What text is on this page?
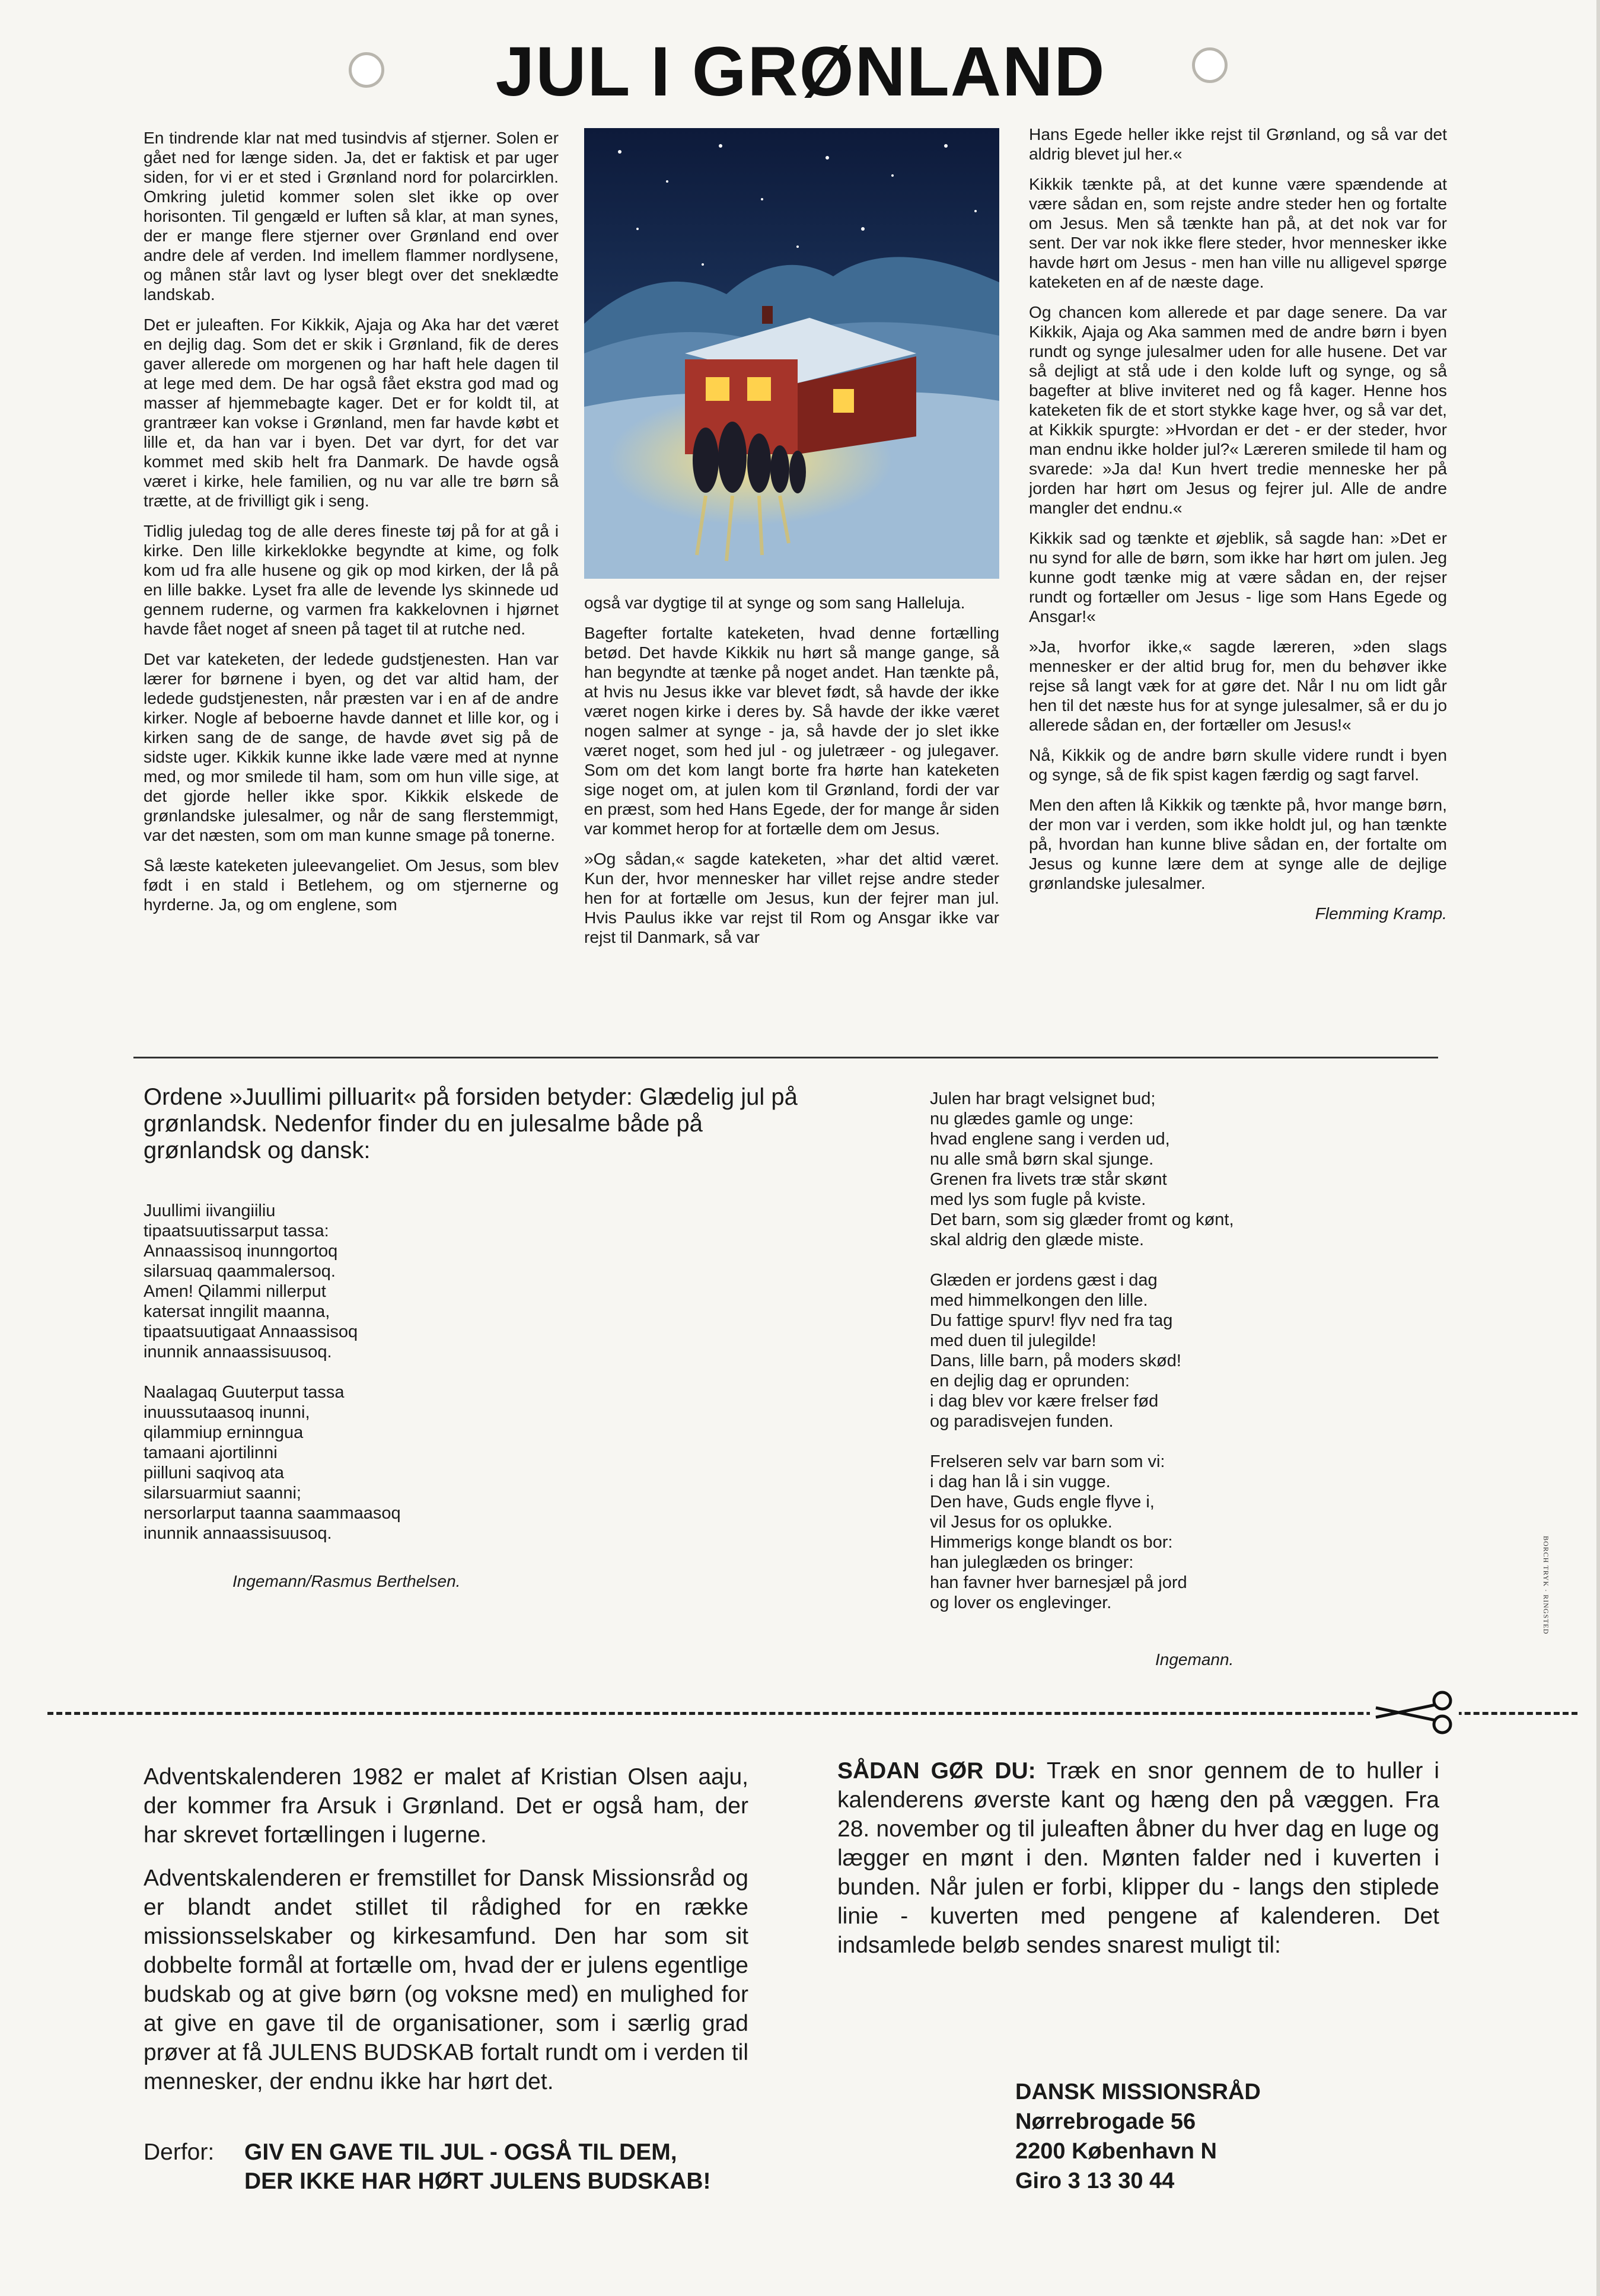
JUL I GRØNLAND

En tindrende klar nat med tusindvis af stjerner. Solen er gået ned for længe siden. Ja, det er faktisk et par uger siden, for vi er et sted i Grønland nord for polarcirklen. Omkring juletid kommer solen slet ikke op over horisonten. Til gengæld er luften så klar, at man synes, der er mange flere stjerner over Grønland end over andre dele af verden. Ind imellem flammer nordlysene, og månen står lavt og lyser blegt over det sneklædte landskab.

Det er juleaften. For Kikkik, Ajaja og Aka har det været en dejlig dag. Som det er skik i Grønland, fik de deres gaver allerede om morgenen og har haft hele dagen til at lege med dem. De har også fået ekstra god mad og masser af hjemmebagte kager. Det er for koldt til, at grantræer kan vokse i Grønland, men far havde købt et lille et, da han var i byen. Det var dyrt, for det var kommet med skib helt fra Danmark. De havde også været i kirke, hele familien, og nu var alle tre børn så trætte, at de frivilligt gik i seng.

Tidlig juledag tog de alle deres fineste tøj på for at gå i kirke. Den lille kirkeklokke begyndte at kime, og folk kom ud fra alle husene og gik op mod kirken, der lå på en lille bakke. Lyset fra alle de levende lys skinnede ud gennem ruderne, og varmen fra kakkelovnen i hjørnet havde fået noget af sneen på taget til at rutche ned.

Det var kateketen, der ledede gudstjenesten. Han var lærer for børnene i byen, og det var altid ham, der ledede gudstjenesten, når præsten var i en af de andre kirker. Nogle af beboerne havde dannet et lille kor, og i kirken sang de de sange, de havde øvet sig på de sidste uger. Kikkik kunne ikke lade være med at nynne med, og mor smilede til ham, som om hun ville sige, at det gjorde heller ikke spor. Kikkik elskede de grønlandske julesalmer, og når de sang flerstemmigt, var det næsten, som om man kunne smage på tonerne.

Så læste kateketen juleevangeliet. Om Jesus, som blev født i en stald i Betlehem, og om stjernerne og hyrderne. Ja, og om englene, som

også var dygtige til at synge og som sang Halleluja.

Bagefter fortalte kateketen, hvad denne fortælling betød. Det havde Kikkik nu hørt så mange gange, så han begyndte at tænke på noget andet. Han tænkte på, at hvis nu Jesus ikke var blevet født, så havde der ikke været nogen kirke i deres by. Så havde der ikke været nogen salmer at synge - ja, så havde der jo slet ikke været noget, som hed jul - og juletræer - og julegaver. Som om det kom langt borte fra hørte han kateketen sige noget om, at julen kom til Grønland, fordi der var en præst, som hed Hans Egede, der for mange år siden var kommet herop for at fortælle dem om Jesus.

»Og sådan,« sagde kateketen, »har det altid været. Kun der, hvor mennesker har villet rejse andre steder hen for at fortælle om Jesus, kun der fejrer man jul. Hvis Paulus ikke var rejst til Rom og Ansgar ikke var rejst til Danmark, så var

Hans Egede heller ikke rejst til Grønland, og så var det aldrig blevet jul her.«

Kikkik tænkte på, at det kunne være spændende at være sådan en, som rejste andre steder hen og fortalte om Jesus. Men så tænkte han på, at det nok var for sent. Der var nok ikke flere steder, hvor mennesker ikke havde hørt om Jesus - men han ville nu alligevel spørge kateketen en af de næste dage.

Og chancen kom allerede et par dage senere. Da var Kikkik, Ajaja og Aka sammen med de andre børn i byen rundt og synge julesalmer uden for alle husene. Det var så dejligt at stå ude i den kolde luft og synge, og så bagefter at blive inviteret ned og få kager. Henne hos kateketen fik de et stort stykke kage hver, og så var det, at Kikkik spurgte: »Hvordan er det - er der steder, hvor man endnu ikke holder jul?« Læreren smilede til ham og svarede: »Ja da! Kun hvert tredie menneske her på jorden har hørt om Jesus og fejrer jul. Alle de andre mangler det endnu.«

Kikkik sad og tænkte et øjeblik, så sagde han: »Det er nu synd for alle de børn, som ikke har hørt om julen. Jeg kunne godt tænke mig at være sådan en, der rejser rundt og fortæller om Jesus - lige som Hans Egede og Ansgar!«

»Ja, hvorfor ikke,« sagde læreren, »den slags mennesker er der altid brug for, men du behøver ikke rejse så langt væk for at gøre det. Når I nu om lidt går hen til det næste hus for at synge julesalmer, så er du jo allerede sådan en, der fortæller om Jesus!«

Nå, Kikkik og de andre børn skulle videre rundt i byen og synge, så de fik spist kagen færdig og sagt farvel.

Men den aften lå Kikkik og tænkte på, hvor mange børn, der mon var i verden, som ikke holdt jul, og han tænkte på, hvordan han kunne blive sådan en, der fortalte om Jesus og kunne lære dem at synge alle de dejlige grønlandske julesalmer.

Flemming Kramp.
Ordene »Juullimi pilluarit« på forsiden betyder: Glædelig jul på grønlandsk. Nedenfor finder du en julesalme både på grønlandsk og dansk:
Juullimi iivangiiliu
tipaatsuutissarput tassa:
Annaassisoq inunngortoq
silarsuaq qaammalersoq.
Amen! Qilammi nillerput
katersat inngilit maanna,
tipaatsuutigaat Annaassisoq
inunnik annaassisuusoq.
Naalagaq Guuterput tassa
inuussutaasoq inunni,
qilammiup erninngua
tamaani ajortilinni
piilluni saqivoq ata
silarsuarmiut saanni;
nersorlarput taanna saammaasoq
inunnik annaassisuusoq.
Ingemann/Rasmus Berthelsen.
Julen har bragt velsignet bud;
nu glædes gamle og unge:
hvad englene sang i verden ud,
nu alle små børn skal sjunge.
Grenen fra livets træ står skønt
med lys som fugle på kviste.
Det barn, som sig glæder fromt og kønt,
skal aldrig den glæde miste.
Glæden er jordens gæst i dag
med himmelkongen den lille.
Du fattige spurv! flyv ned fra tag
med duen til julegilde!
Dans, lille barn, på moders skød!
en dejlig dag er oprunden:
i dag blev vor kære frelser fød
og paradisvejen funden.
Frelseren selv var barn som vi:
i dag han lå i sin vugge.
Den have, Guds engle flyve i,
vil Jesus for os oplukke.
Himmerigs konge blandt os bor:
han juleglæden os bringer:
han favner hver barnesjæl på jord
og lover os englevinger.
Ingemann.
BORCH TRYK · RINGSTED

Adventskalenderen 1982 er malet af Kristian Olsen aaju, der kommer fra Arsuk i Grønland. Det er også ham, der har skrevet fortællingen i lugerne.

Adventskalenderen er fremstillet for Dansk Missionsråd og er blandt andet stillet til rådighed for en række missionsselskaber og kirkesamfund. Den har som sit dobbelte formål at fortælle om, hvad der er julens egentlige budskab og at give børn (og voksne med) en mulighed for at give en gave til de organisationer, som i særlig grad prøver at få JULENS BUDSKAB fortalt rundt om i verden til mennesker, der endnu ikke har hørt det.

Derfor: GIV EN GAVE TIL JUL - OGSÅ TIL DEM,
DER IKKE HAR HØRT JULENS BUDSKAB!
SÅDAN GØR DU: Træk en snor gennem de to huller i kalenderens øverste kant og hæng den på væggen. Fra 28. november og til juleaften åbner du hver dag en luge og lægger en mønt i den. Mønten falder ned i kuverten i bunden. Når julen er forbi, klipper du - langs den stiplede linie - kuverten med pengene af kalenderen. Det indsamlede beløb sendes snarest muligt til:
DANSK MISSIONSRÅD
Nørrebrogade 56
2200 København N
Giro 3 13 30 44
